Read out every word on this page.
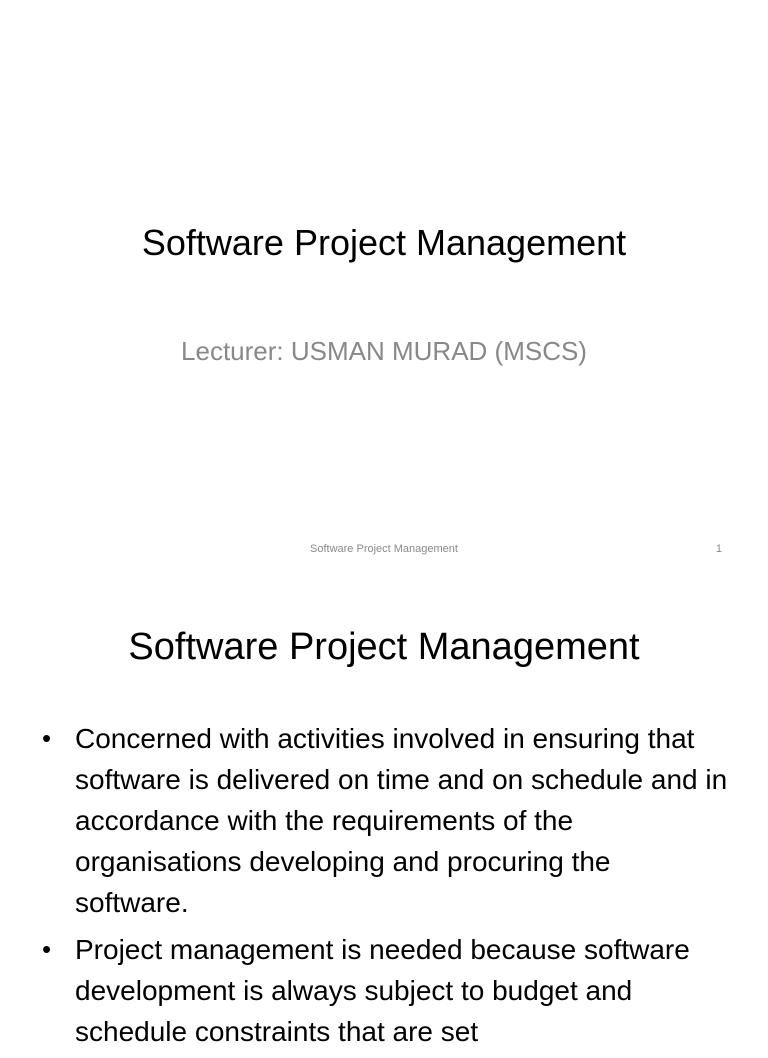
Software Project Management
Lecturer: USMAN MURAD (MSCS)
Software Project Management	1
Software Project Management
• Concerned with activities involved in ensuring that software is delivered on time and on schedule and in accordance with the requirements of the organisations developing and procuring the software.
• Project management is needed because software development is always subject to budget and schedule constraints that are set
